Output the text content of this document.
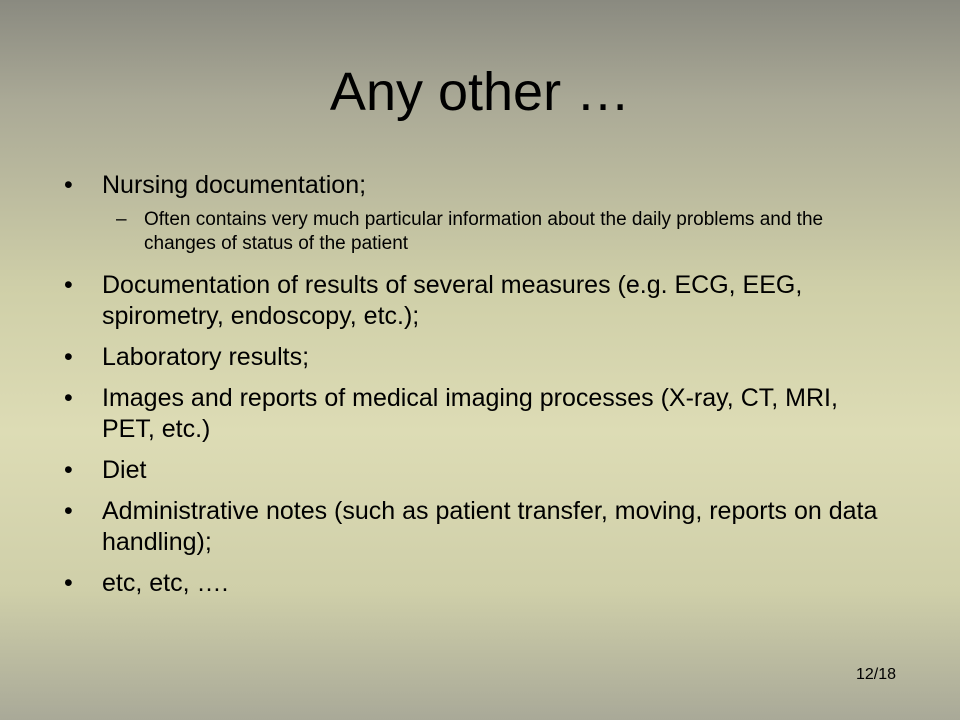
Any other …
•	Nursing documentation;
– Often contains very much particular information about the daily problems and the changes of status of the patient
•	Documentation of results of several measures (e.g. ECG, EEG, spirometry, endoscopy, etc.);
•	Laboratory results;
•	Images and reports of medical imaging processes (X-ray, CT, MRI, PET, etc.)
•	Diet
•	Administrative notes (such as patient transfer, moving, reports on data handling);
•	etc, etc, ….
12/18
